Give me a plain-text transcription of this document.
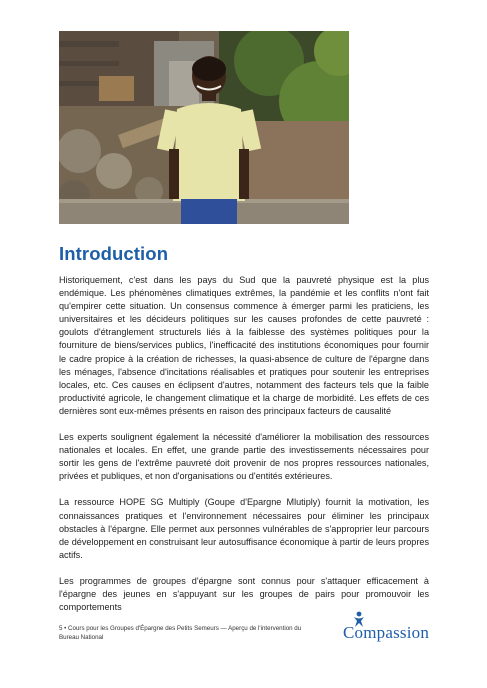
Introduction

Historiquement, c'est dans les pays du Sud que la pauvreté physique est la plus endémique. Les phénomènes climatiques extrêmes, la pandémie et les conflits n'ont fait qu'empirer cette situation. Un consensus commence à émerger parmi les praticiens, les universitaires et les décideurs politiques sur les causes profondes de cette pauvreté : goulots d'étranglement structurels liés à la faiblesse des systèmes politiques pour la fourniture de biens/services publics, l'inefficacité des institutions économiques pour fournir le cadre propice à la création de richesses, la quasi-absence de culture de l'épargne dans les ménages, l'absence d'incitations réalisables et pratiques pour soutenir les entreprises locales, etc. Ces causes en éclipsent d'autres, notamment des facteurs tels que la faible productivité agricole, le changement climatique et la charge de morbidité. Les effets de ces dernières sont eux-mêmes présents en raison des principaux facteurs de causalité

Les experts soulignent également la nécessité d'améliorer la mobilisation des ressources nationales et locales. En effet, une grande partie des investissements nécessaires pour sortir les gens de l'extrême pauvreté doit provenir de nos propres ressources nationales, privées et publiques, et non d'organisations ou d'entités extérieures.

La ressource HOPE SG Multiply (Goupe d'Epargne Mlutiply) fournit la motivation, les connaissances pratiques et l'environnement nécessaires pour éliminer les principaux obstacles à l'épargne. Elle permet aux personnes vulnérables de s'approprier leur parcours de développement en construisant leur autosuffisance économique à partir de leurs propres actifs.

Les programmes de groupes d'épargne sont connus pour s'attaquer efficacement à l'épargne des jeunes en s'appuyant sur les groupes de pairs pour promouvoir les comportements

5 • Cours pour les Groupes d'Épargne des Petits Semeurs — Aperçu de l'intervention du Bureau National	Compassion
